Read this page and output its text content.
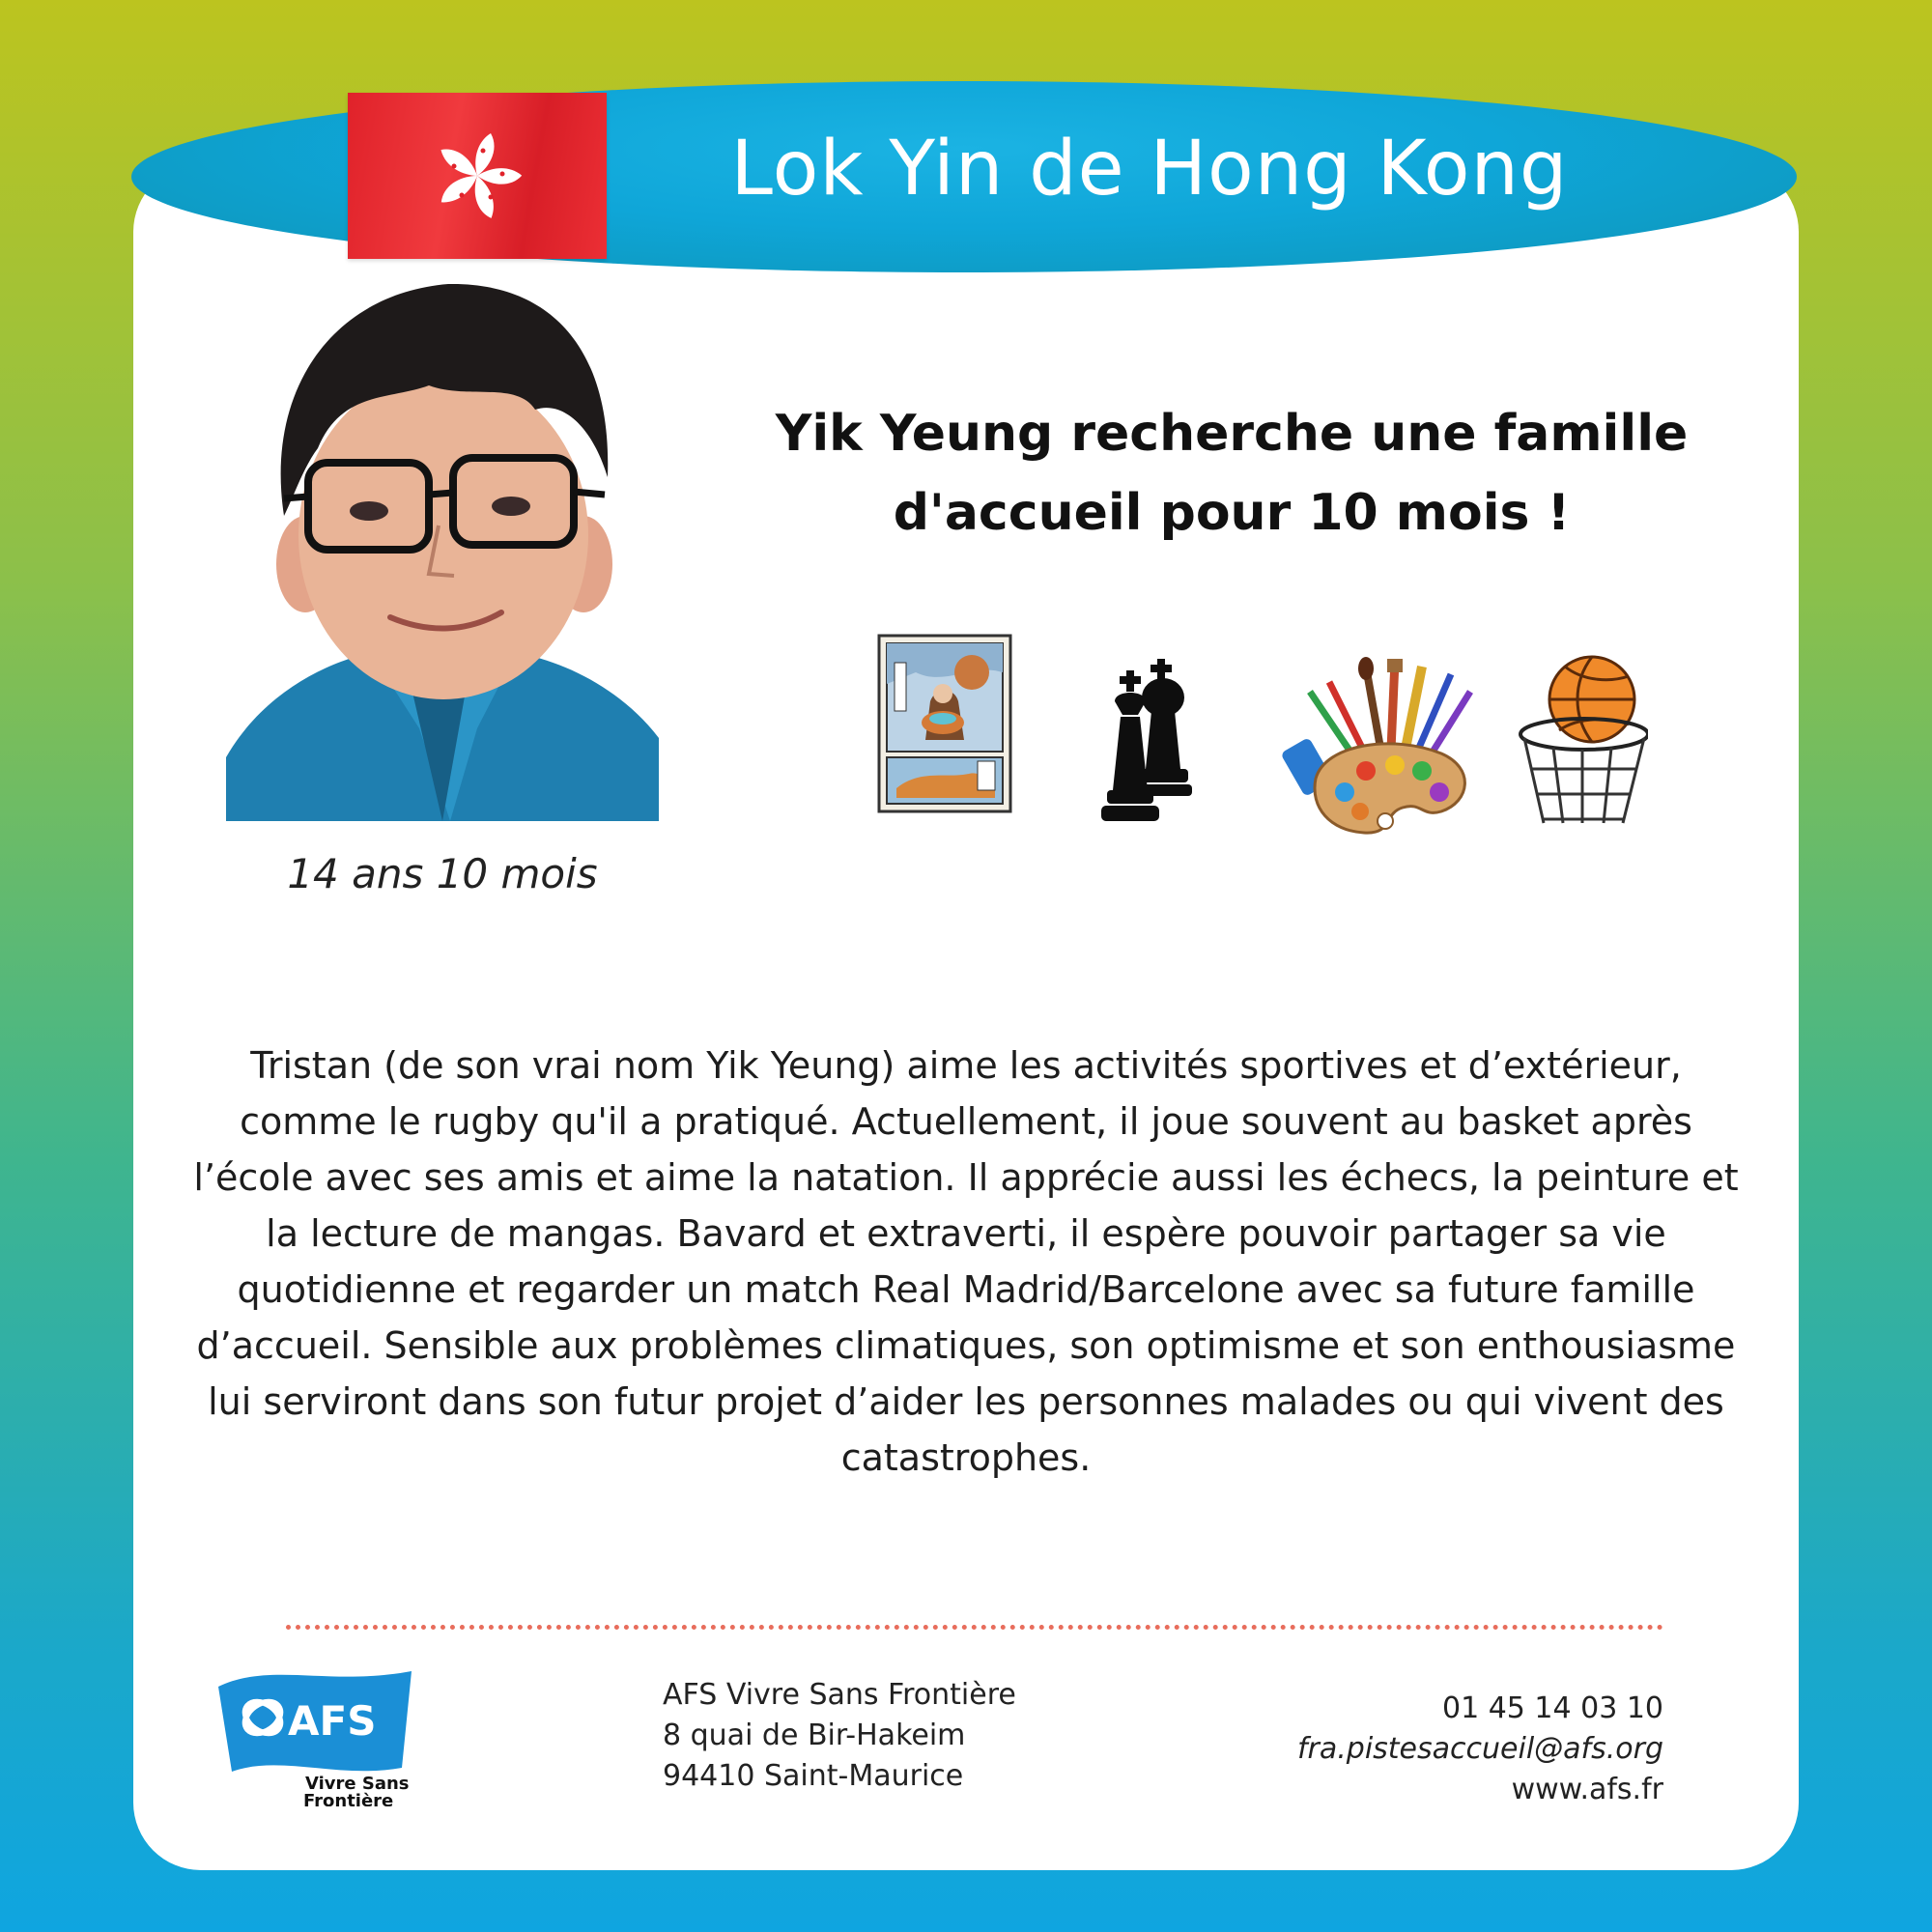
Lok Yin de Hong Kong
14 ans 10 mois
Yik Yeung recherche une famille
d'accueil pour 10 mois !
Tristan (de son vrai nom Yik Yeung) aime les activités sportives et d’extérieur, comme le rugby qu'il a pratiqué. Actuellement, il joue souvent au basket après l’école avec ses amis et aime la natation. Il apprécie aussi les échecs, la peinture et la lecture de mangas. Bavard et extraverti, il espère pouvoir partager sa vie quotidienne et regarder un match Real Madrid/Barcelone avec sa future famille d’accueil. Sensible aux problèmes climatiques, son optimisme et son enthousiasme lui serviront dans son futur projet d’aider les personnes malades ou qui vivent des catastrophes.
AFS
Vivre Sans
Frontière
AFS Vivre Sans Frontière
8 quai de Bir-Hakeim
94410 Saint-Maurice
01 45 14 03 10
fra.pistesaccueil@afs.org
www.afs.fr
